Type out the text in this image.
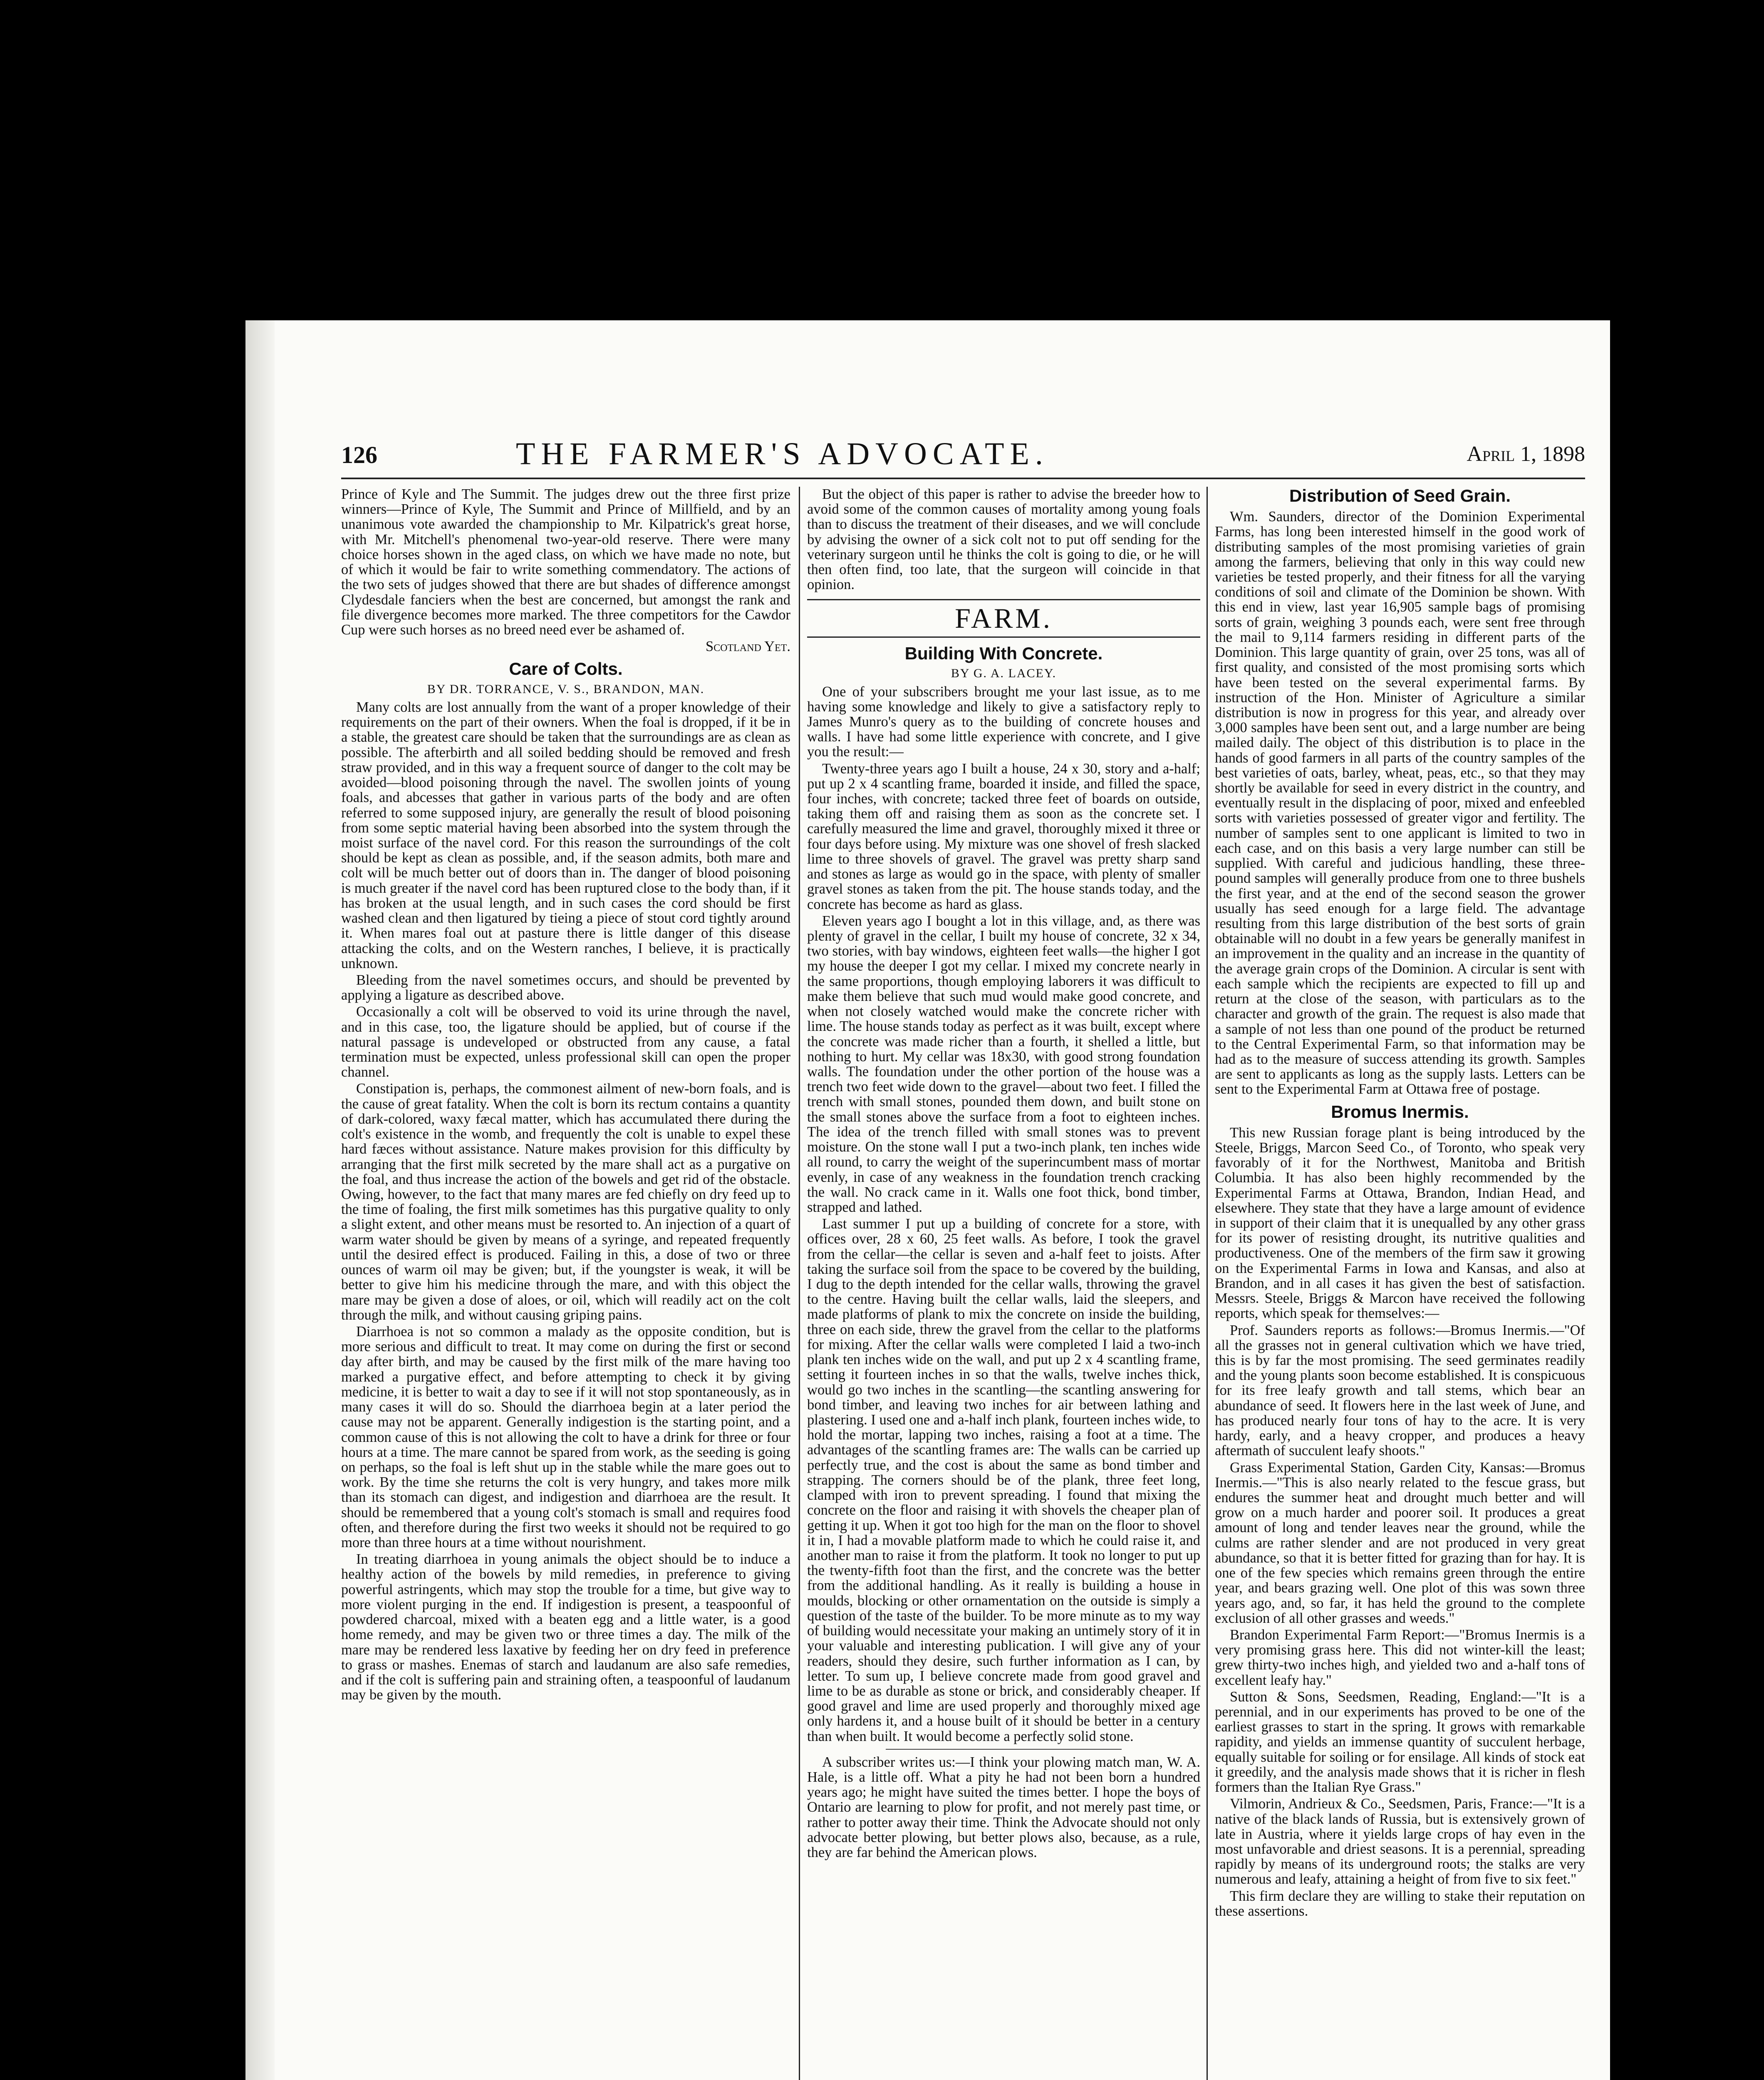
126	THE FARMER'S ADVOCATE.	April 1, 1898

Prince of Kyle and The Summit. The judges drew out the three first prize winners—Prince of Kyle, The Summit and Prince of Millfield, and by an unanimous vote awarded the championship to Mr. Kilpatrick's great horse, with Mr. Mitchell's phenomenal two-year-old reserve. There were many choice horses shown in the aged class, on which we have made no note, but of which it would be fair to write something commendatory. The actions of the two sets of judges showed that there are but shades of difference amongst Clydesdale fanciers when the best are concerned, but amongst the rank and file divergence becomes more marked. The three competitors for the Cawdor Cup were such horses as no breed need ever be ashamed of.

Scotland Yet.
Care of Colts.
BY DR. TORRANCE, V. S., BRANDON, MAN.

Many colts are lost annually from the want of a proper knowledge of their requirements on the part of their owners. When the foal is dropped, if it be in a stable, the greatest care should be taken that the surroundings are as clean as possible. The afterbirth and all soiled bedding should be removed and fresh straw provided, and in this way a frequent source of danger to the colt may be avoided—blood poisoning through the navel. The swollen joints of young foals, and abcesses that gather in various parts of the body and are often referred to some supposed injury, are generally the result of blood poisoning from some septic material having been absorbed into the system through the moist surface of the navel cord. For this reason the surroundings of the colt should be kept as clean as possible, and, if the season admits, both mare and colt will be much better out of doors than in. The danger of blood poisoning is much greater if the navel cord has been ruptured close to the body than, if it has broken at the usual length, and in such cases the cord should be first washed clean and then ligatured by tieing a piece of stout cord tightly around it. When mares foal out at pasture there is little danger of this disease attacking the colts, and on the Western ranches, I believe, it is practically unknown.

Bleeding from the navel sometimes occurs, and should be prevented by applying a ligature as described above.

Occasionally a colt will be observed to void its urine through the navel, and in this case, too, the ligature should be applied, but of course if the natural passage is undeveloped or obstructed from any cause, a fatal termination must be expected, unless professional skill can open the proper channel.

Constipation is, perhaps, the commonest ailment of new-born foals, and is the cause of great fatality. When the colt is born its rectum contains a quantity of dark-colored, waxy fæcal matter, which has accumulated there during the colt's existence in the womb, and frequently the colt is unable to expel these hard fæces without assistance. Nature makes provision for this difficulty by arranging that the first milk secreted by the mare shall act as a purgative on the foal, and thus increase the action of the bowels and get rid of the obstacle. Owing, however, to the fact that many mares are fed chiefly on dry feed up to the time of foaling, the first milk sometimes has this purgative quality to only a slight extent, and other means must be resorted to. An injection of a quart of warm water should be given by means of a syringe, and repeated frequently until the desired effect is produced. Failing in this, a dose of two or three ounces of warm oil may be given; but, if the youngster is weak, it will be better to give him his medicine through the mare, and with this object the mare may be given a dose of aloes, or oil, which will readily act on the colt through the milk, and without causing griping pains.

Diarrhoea is not so common a malady as the opposite condition, but is more serious and difficult to treat. It may come on during the first or second day after birth, and may be caused by the first milk of the mare having too marked a purgative effect, and before attempting to check it by giving medicine, it is better to wait a day to see if it will not stop spontaneously, as in many cases it will do so. Should the diarrhoea begin at a later period the cause may not be apparent. Generally indigestion is the starting point, and a common cause of this is not allowing the colt to have a drink for three or four hours at a time. The mare cannot be spared from work, as the seeding is going on perhaps, so the foal is left shut up in the stable while the mare goes out to work. By the time she returns the colt is very hungry, and takes more milk than its stomach can digest, and indigestion and diarrhoea are the result. It should be remembered that a young colt's stomach is small and requires food often, and therefore during the first two weeks it should not be required to go more than three hours at a time without nourishment.

In treating diarrhoea in young animals the object should be to induce a healthy action of the bowels by mild remedies, in preference to giving powerful astringents, which may stop the trouble for a time, but give way to more violent purging in the end. If indigestion is present, a teaspoonful of powdered charcoal, mixed with a beaten egg and a little water, is a good home remedy, and may be given two or three times a day. The milk of the mare may be rendered less laxative by feeding her on dry feed in preference to grass or mashes. Enemas of starch and laudanum are also safe remedies, and if the colt is suffering pain and straining often, a teaspoonful of laudanum may be given by the mouth.

But the object of this paper is rather to advise the breeder how to avoid some of the common causes of mortality among young foals than to discuss the treatment of their diseases, and we will conclude by advising the owner of a sick colt not to put off sending for the veterinary surgeon until he thinks the colt is going to die, or he will then often find, too late, that the surgeon will coincide in that opinion.

FARM.
Building With Concrete.
BY G. A. LACEY.

One of your subscribers brought me your last issue, as to me having some knowledge and likely to give a satisfactory reply to James Munro's query as to the building of concrete houses and walls. I have had some little experience with concrete, and I give you the result:—

Twenty-three years ago I built a house, 24 x 30, story and a-half; put up 2 x 4 scantling frame, boarded it inside, and filled the space, four inches, with concrete; tacked three feet of boards on outside, taking them off and raising them as soon as the concrete set. I carefully measured the lime and gravel, thoroughly mixed it three or four days before using. My mixture was one shovel of fresh slacked lime to three shovels of gravel. The gravel was pretty sharp sand and stones as large as would go in the space, with plenty of smaller gravel stones as taken from the pit. The house stands today, and the concrete has become as hard as glass.

Eleven years ago I bought a lot in this village, and, as there was plenty of gravel in the cellar, I built my house of concrete, 32 x 34, two stories, with bay windows, eighteen feet walls—the higher I got my house the deeper I got my cellar. I mixed my concrete nearly in the same proportions, though employing laborers it was difficult to make them believe that such mud would make good concrete, and when not closely watched would make the concrete richer with lime. The house stands today as perfect as it was built, except where the concrete was made richer than a fourth, it shelled a little, but nothing to hurt. My cellar was 18x30, with good strong foundation walls. The foundation under the other portion of the house was a trench two feet wide down to the gravel—about two feet. I filled the trench with small stones, pounded them down, and built stone on the small stones above the surface from a foot to eighteen inches. The idea of the trench filled with small stones was to prevent moisture. On the stone wall I put a two-inch plank, ten inches wide all round, to carry the weight of the superincumbent mass of mortar evenly, in case of any weakness in the foundation trench cracking the wall. No crack came in it. Walls one foot thick, bond timber, strapped and lathed.

Last summer I put up a building of concrete for a store, with offices over, 28 x 60, 25 feet walls. As before, I took the gravel from the cellar—the cellar is seven and a-half feet to joists. After taking the surface soil from the space to be covered by the building, I dug to the depth intended for the cellar walls, throwing the gravel to the centre. Having built the cellar walls, laid the sleepers, and made platforms of plank to mix the concrete on inside the building, three on each side, threw the gravel from the cellar to the platforms for mixing. After the cellar walls were completed I laid a two-inch plank ten inches wide on the wall, and put up 2 x 4 scantling frame, setting it fourteen inches in so that the walls, twelve inches thick, would go two inches in the scantling—the scantling answering for bond timber, and leaving two inches for air between lathing and plastering. I used one and a-half inch plank, fourteen inches wide, to hold the mortar, lapping two inches, raising a foot at a time. The advantages of the scantling frames are: The walls can be carried up perfectly true, and the cost is about the same as bond timber and strapping. The corners should be of the plank, three feet long, clamped with iron to prevent spreading. I found that mixing the concrete on the floor and raising it with shovels the cheaper plan of getting it up. When it got too high for the man on the floor to shovel it in, I had a movable platform made to which he could raise it, and another man to raise it from the platform. It took no longer to put up the twenty-fifth foot than the first, and the concrete was the better from the additional handling. As it really is building a house in moulds, blocking or other ornamentation on the outside is simply a question of the taste of the builder. To be more minute as to my way of building would necessitate your making an untimely story of it in your valuable and interesting publication. I will give any of your readers, should they desire, such further information as I can, by letter. To sum up, I believe concrete made from good gravel and lime to be as durable as stone or brick, and considerably cheaper. If good gravel and lime are used properly and thoroughly mixed age only hardens it, and a house built of it should be better in a century than when built. It would become a perfectly solid stone.

A subscriber writes us:—I think your plowing match man, W. A. Hale, is a little off. What a pity he had not been born a hundred years ago; he might have suited the times better. I hope the boys of Ontario are learning to plow for profit, and not merely past time, or rather to potter away their time. Think the Advocate should not only advocate better plowing, but better plows also, because, as a rule, they are far behind the American plows.

Distribution of Seed Grain.

Wm. Saunders, director of the Dominion Experimental Farms, has long been interested himself in the good work of distributing samples of the most promising varieties of grain among the farmers, believing that only in this way could new varieties be tested properly, and their fitness for all the varying conditions of soil and climate of the Dominion be shown. With this end in view, last year 16,905 sample bags of promising sorts of grain, weighing 3 pounds each, were sent free through the mail to 9,114 farmers residing in different parts of the Dominion. This large quantity of grain, over 25 tons, was all of first quality, and consisted of the most promising sorts which have been tested on the several experimental farms. By instruction of the Hon. Minister of Agriculture a similar distribution is now in progress for this year, and already over 3,000 samples have been sent out, and a large number are being mailed daily. The object of this distribution is to place in the hands of good farmers in all parts of the country samples of the best varieties of oats, barley, wheat, peas, etc., so that they may shortly be available for seed in every district in the country, and eventually result in the displacing of poor, mixed and enfeebled sorts with varieties possessed of greater vigor and fertility. The number of samples sent to one applicant is limited to two in each case, and on this basis a very large number can still be supplied. With careful and judicious handling, these three-pound samples will generally produce from one to three bushels the first year, and at the end of the second season the grower usually has seed enough for a large field. The advantage resulting from this large distribution of the best sorts of grain obtainable will no doubt in a few years be generally manifest in an improvement in the quality and an increase in the quantity of the average grain crops of the Dominion. A circular is sent with each sample which the recipients are expected to fill up and return at the close of the season, with particulars as to the character and growth of the grain. The request is also made that a sample of not less than one pound of the product be returned to the Central Experimental Farm, so that information may be had as to the measure of success attending its growth. Samples are sent to applicants as long as the supply lasts. Letters can be sent to the Experimental Farm at Ottawa free of postage.

Bromus Inermis.

This new Russian forage plant is being introduced by the Steele, Briggs, Marcon Seed Co., of Toronto, who speak very favorably of it for the Northwest, Manitoba and British Columbia. It has also been highly recommended by the Experimental Farms at Ottawa, Brandon, Indian Head, and elsewhere. They state that they have a large amount of evidence in support of their claim that it is unequalled by any other grass for its power of resisting drought, its nutritive qualities and productiveness. One of the members of the firm saw it growing on the Experimental Farms in Iowa and Kansas, and also at Brandon, and in all cases it has given the best of satisfaction. Messrs. Steele, Briggs & Marcon have received the following reports, which speak for themselves:—

Prof. Saunders reports as follows:—Bromus Inermis.—"Of all the grasses not in general cultivation which we have tried, this is by far the most promising. The seed germinates readily and the young plants soon become established. It is conspicuous for its free leafy growth and tall stems, which bear an abundance of seed. It flowers here in the last week of June, and has produced nearly four tons of hay to the acre. It is very hardy, early, and a heavy cropper, and produces a heavy aftermath of succulent leafy shoots."

Grass Experimental Station, Garden City, Kansas:—Bromus Inermis.—"This is also nearly related to the fescue grass, but endures the summer heat and drought much better and will grow on a much harder and poorer soil. It produces a great amount of long and tender leaves near the ground, while the culms are rather slender and are not produced in very great abundance, so that it is better fitted for grazing than for hay. It is one of the few species which remains green through the entire year, and bears grazing well. One plot of this was sown three years ago, and, so far, it has held the ground to the complete exclusion of all other grasses and weeds."

Brandon Experimental Farm Report:—"Bromus Inermis is a very promising grass here. This did not winter-kill the least; grew thirty-two inches high, and yielded two and a-half tons of excellent leafy hay."

Sutton & Sons, Seedsmen, Reading, England:—"It is a perennial, and in our experiments has proved to be one of the earliest grasses to start in the spring. It grows with remarkable rapidity, and yields an immense quantity of succulent herbage, equally suitable for soiling or for ensilage. All kinds of stock eat it greedily, and the analysis made shows that it is richer in flesh formers than the Italian Rye Grass."

Vilmorin, Andrieux & Co., Seedsmen, Paris, France:—"It is a native of the black lands of Russia, but is extensively grown of late in Austria, where it yields large crops of hay even in the most unfavorable and driest seasons. It is a perennial, spreading rapidly by means of its underground roots; the stalks are very numerous and leafy, attaining a height of from five to six feet."

This firm declare they are willing to stake their reputation on these assertions.
